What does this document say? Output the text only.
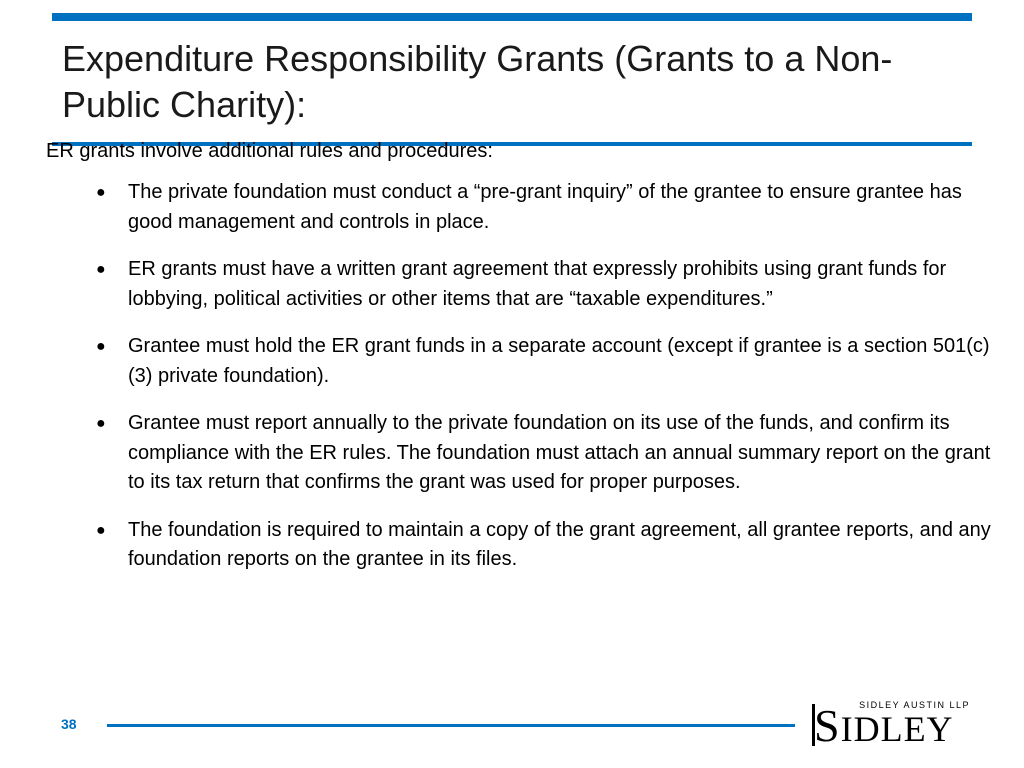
Expenditure Responsibility Grants (Grants to a Non-Public Charity):

ER grants involve additional rules and procedures:

● The private foundation must conduct a “pre-grant inquiry” of the grantee to ensure grantee has good management and controls in place.
● ER grants must have a written grant agreement that expressly prohibits using grant funds for lobbying, political activities or other items that are “taxable expenditures.”
● Grantee must hold the ER grant funds in a separate account (except if grantee is a section 501(c)(3) private foundation).
● Grantee must report annually to the private foundation on its use of the funds, and confirm its compliance with the ER rules. The foundation must attach an annual summary report on the grant to its tax return that confirms the grant was used for proper purposes.
● The foundation is required to maintain a copy of the grant agreement, all grantee reports, and any foundation reports on the grantee in its files.
38
SIDLEY AUSTIN LLP
SIDLEY
